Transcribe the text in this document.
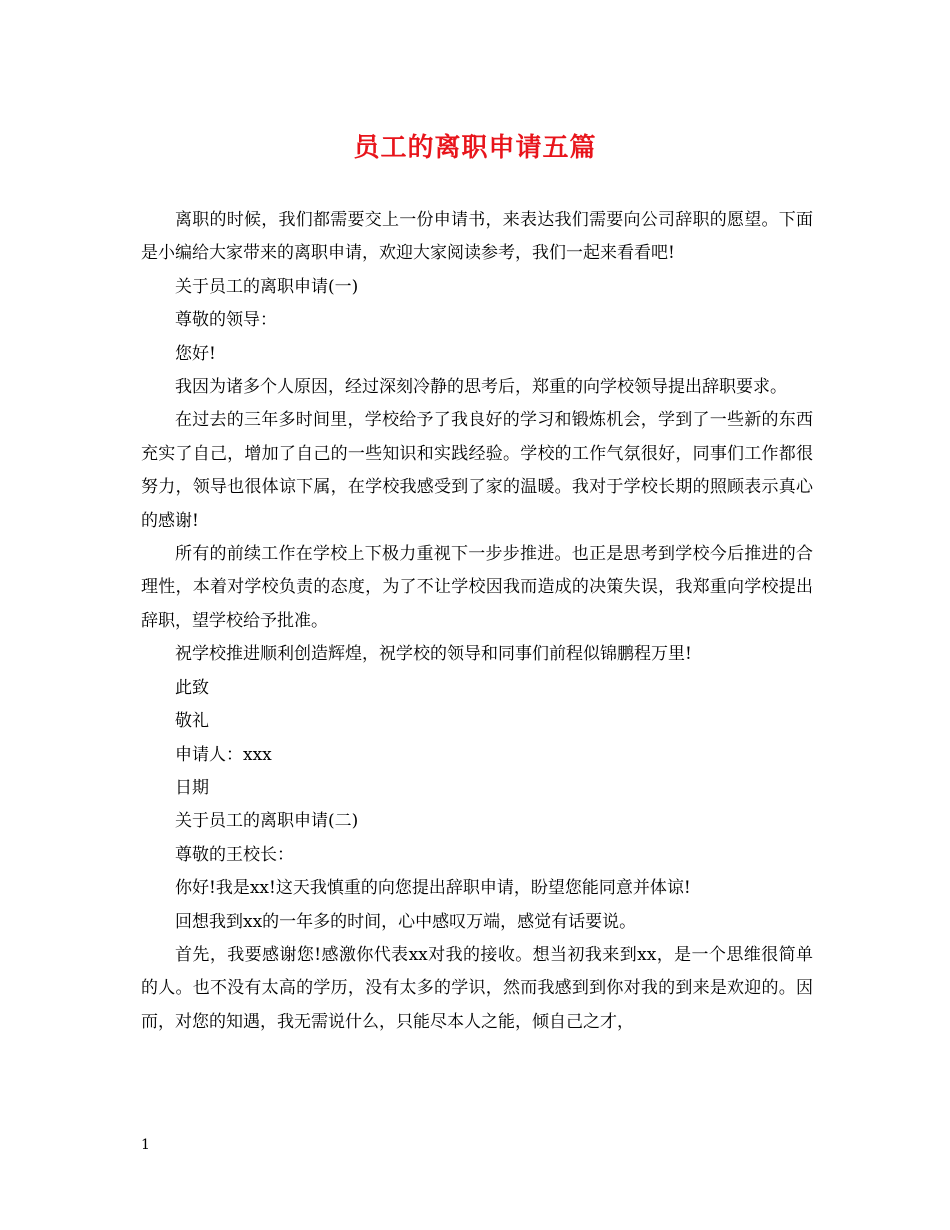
员工的离职申请五篇

离职的时候，我们都需要交上一份申请书，来表达我们需要向公司辞职的愿望。下面是小编给大家带来的离职申请，欢迎大家阅读参考，我们一起来看看吧!

关于员工的离职申请(一)

尊敬的领导：

您好!

我因为诸多个人原因，经过深刻冷静的思考后，郑重的向学校领导提出辞职要求。

在过去的三年多时间里，学校给予了我良好的学习和锻炼机会，学到了一些新的东西充实了自己，增加了自己的一些知识和实践经验。学校的工作气氛很好，同事们工作都很努力，领导也很体谅下属，在学校我感受到了家的温暖。我对于学校长期的照顾表示真心的感谢!

所有的前续工作在学校上下极力重视下一步步推进。也正是思考到学校今后推进的合理性，本着对学校负责的态度，为了不让学校因我而造成的决策失误，我郑重向学校提出辞职，望学校给予批准。

祝学校推进顺利创造辉煌，祝学校的领导和同事们前程似锦鹏程万里!

此致

敬礼

申请人：xxx

日期

关于员工的离职申请(二)

尊敬的王校长：

你好!我是xx!这天我慎重的向您提出辞职申请，盼望您能同意并体谅!

回想我到xx的一年多的时间，心中感叹万端，感觉有话要说。

首先，我要感谢您!感激你代表xx对我的接收。想当初我来到xx，是一个思维很简单的人。也不没有太高的学历，没有太多的学识，然而我感到到你对我的到来是欢迎的。因而，对您的知遇，我无需说什么，只能尽本人之能，倾自己之才，

1
